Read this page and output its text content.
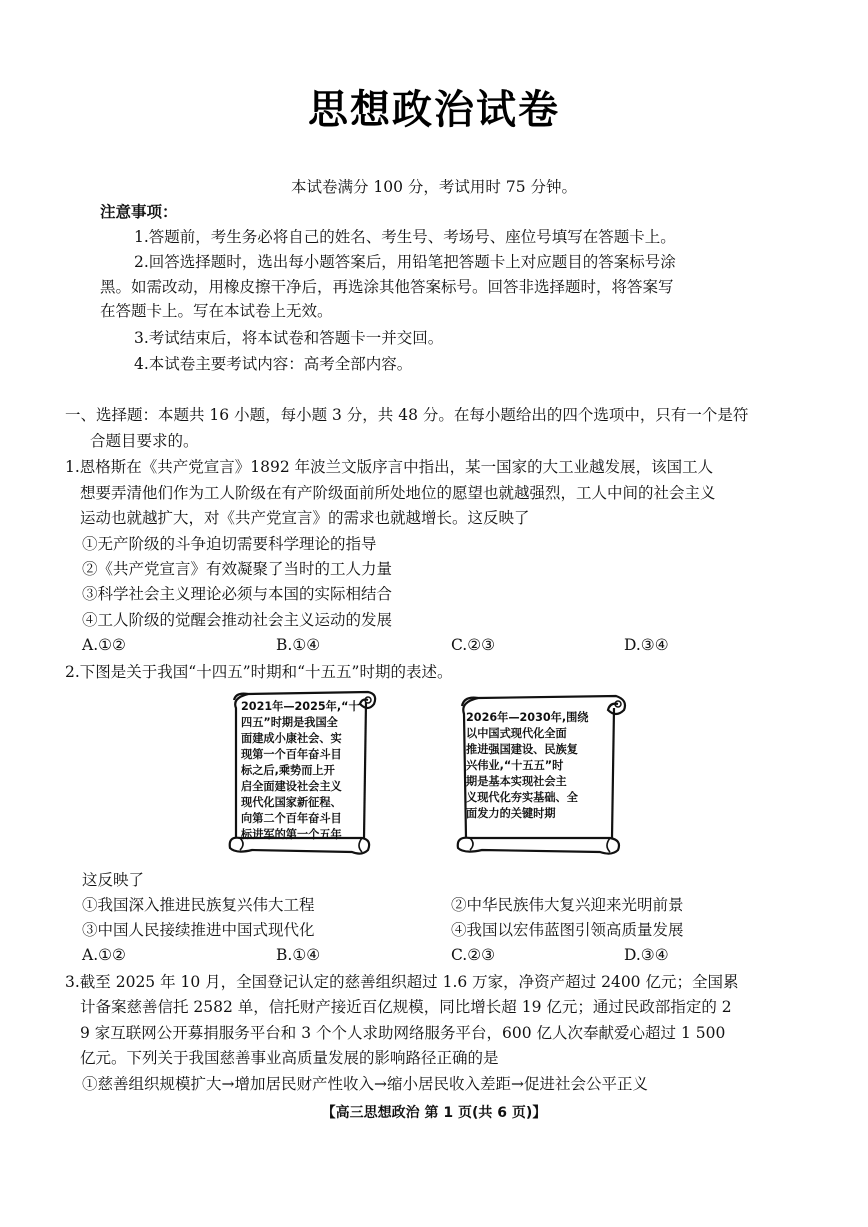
思想政治试卷
本试卷满分 100 分，考试用时 75 分钟。
注意事项：
1.答题前，考生务必将自己的姓名、考生号、考场号、座位号填写在答题卡上。
2.回答选择题时，选出每小题答案后，用铅笔把答题卡上对应题目的答案标号涂
黑。如需改动，用橡皮擦干净后，再选涂其他答案标号。回答非选择题时，将答案写
在答题卡上。写在本试卷上无效。
3.考试结束后，将本试卷和答题卡一并交回。
4.本试卷主要考试内容：高考全部内容。
一、选择题：本题共 16 小题，每小题 3 分，共 48 分。在每小题给出的四个选项中，只有一个是符
合题目要求的。
1.恩格斯在《共产党宣言》1892 年波兰文版序言中指出，某一国家的大工业越发展，该国工人
想要弄清他们作为工人阶级在有产阶级面前所处地位的愿望也就越强烈，工人中间的社会主义
运动也就越扩大，对《共产党宣言》的需求也就越增长。这反映了
①无产阶级的斗争迫切需要科学理论的指导
②《共产党宣言》有效凝聚了当时的工人力量
③科学社会主义理论必须与本国的实际相结合
④工人阶级的觉醒会推动社会主义运动的发展
A.①②	B.①④	C.②③	D.③④
2.下图是关于我国“十四五”时期和“十五五”时期的表述。
2021年—2025年,“十
四五”时期是我国全
面建成小康社会、实
现第一个百年奋斗目
标之后,乘势而上开
启全面建设社会主义
现代化国家新征程、
向第二个百年奋斗目
标进军的第一个五年
2026年—2030年,围绕
以中国式现代化全面
推进强国建设、民族复
兴伟业,“十五五”时
期是基本实现社会主
义现代化夯实基础、全
面发力的关键时期
这反映了
①我国深入推进民族复兴伟大工程	②中华民族伟大复兴迎来光明前景
③中国人民接续推进中国式现代化	④我国以宏伟蓝图引领高质量发展
A.①②	B.①④	C.②③	D.③④
3.截至 2025 年 10 月，全国登记认定的慈善组织超过 1.6 万家，净资产超过 2400 亿元；全国累
计备案慈善信托 2582 单，信托财产接近百亿规模，同比增长超 19 亿元；通过民政部指定的 2
9 家互联网公开募捐服务平台和 3 个个人求助网络服务平台，600 亿人次奉献爱心超过 1 500
亿元。下列关于我国慈善事业高质量发展的影响路径正确的是
①慈善组织规模扩大→增加居民财产性收入→缩小居民收入差距→促进社会公平正义
【高三思想政治 第 1 页(共 6 页)】
